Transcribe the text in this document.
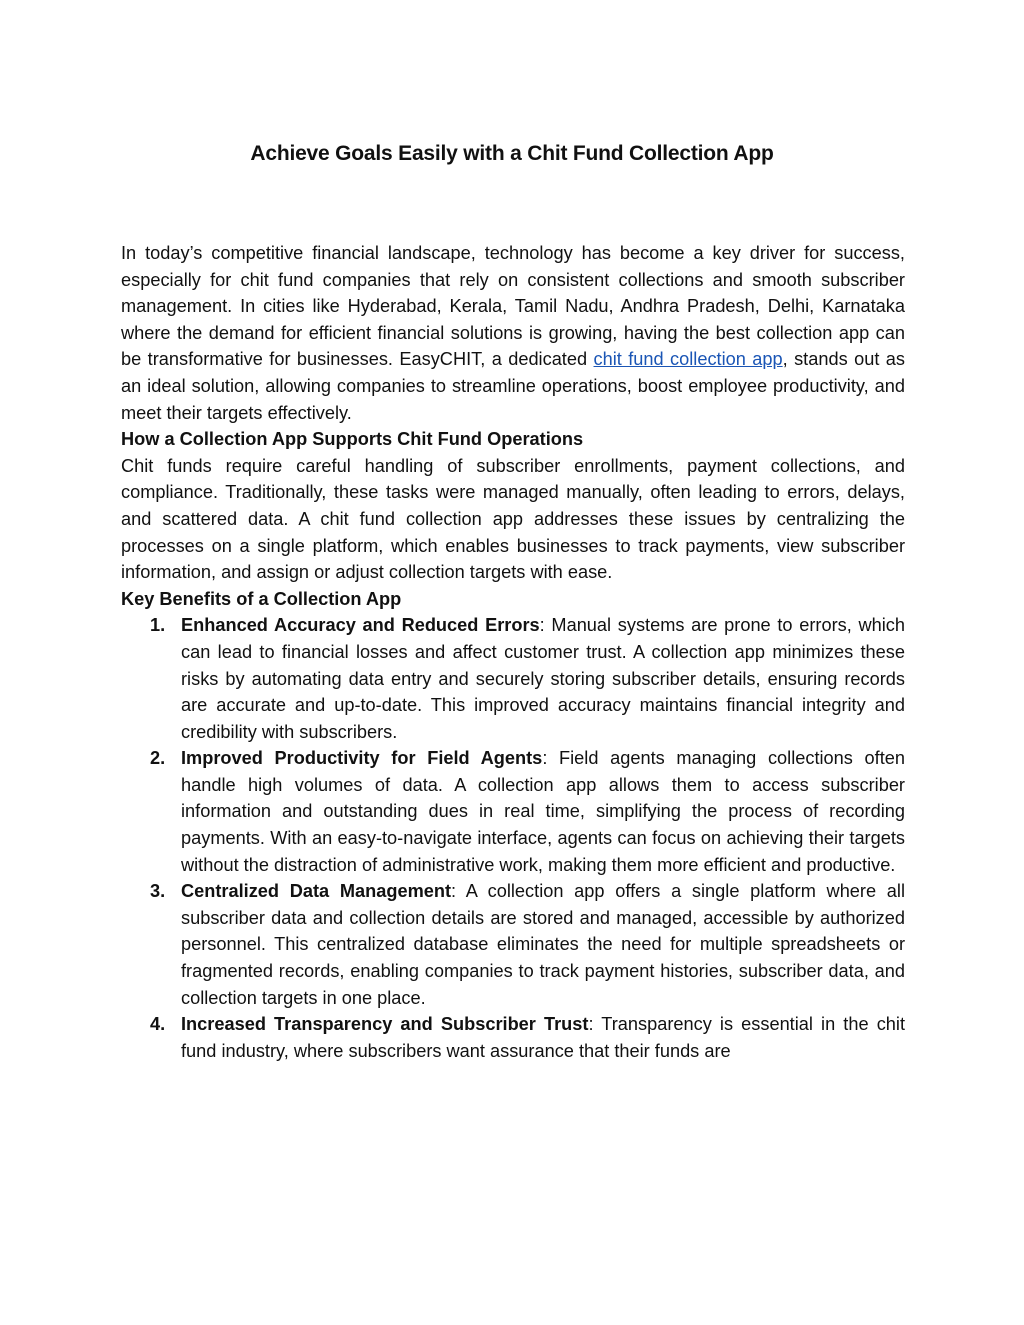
Achieve Goals Easily with a Chit Fund Collection App

In today’s competitive financial landscape, technology has become a key driver for success, especially for chit fund companies that rely on consistent collections and smooth subscriber management. In cities like Hyderabad, Kerala, Tamil Nadu, Andhra Pradesh, Delhi, Karnataka where the demand for efficient financial solutions is growing, having the best collection app can be transformative for businesses. EasyCHIT, a dedicated chit fund collection app, stands out as an ideal solution, allowing companies to streamline operations, boost employee productivity, and meet their targets effectively.

How a Collection App Supports Chit Fund Operations

Chit funds require careful handling of subscriber enrollments, payment collections, and compliance. Traditionally, these tasks were managed manually, often leading to errors, delays, and scattered data. A chit fund collection app addresses these issues by centralizing the processes on a single platform, which enables businesses to track payments, view subscriber information, and assign or adjust collection targets with ease.

Key Benefits of a Collection App
1. Enhanced Accuracy and Reduced Errors: Manual systems are prone to errors, which can lead to financial losses and affect customer trust. A collection app minimizes these risks by automating data entry and securely storing subscriber details, ensuring records are accurate and up-to-date. This improved accuracy maintains financial integrity and credibility with subscribers.
2. Improved Productivity for Field Agents: Field agents managing collections often handle high volumes of data. A collection app allows them to access subscriber information and outstanding dues in real time, simplifying the process of recording payments. With an easy-to-navigate interface, agents can focus on achieving their targets without the distraction of administrative work, making them more efficient and productive.
3. Centralized Data Management: A collection app offers a single platform where all subscriber data and collection details are stored and managed, accessible by authorized personnel. This centralized database eliminates the need for multiple spreadsheets or fragmented records, enabling companies to track payment histories, subscriber data, and collection targets in one place.
4. Increased Transparency and Subscriber Trust: Transparency is essential in the chit fund industry, where subscribers want assurance that their funds are
